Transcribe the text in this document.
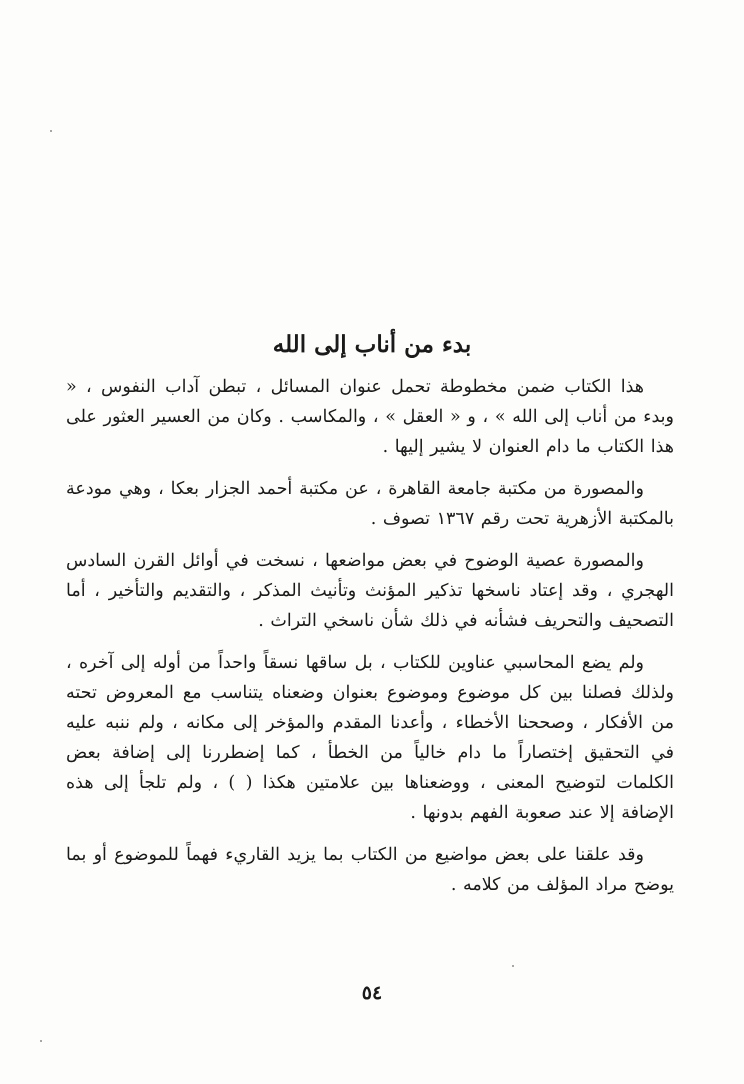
بدء من أناب إلى الله

هذا الكتاب ضمن مخطوطة تحمل عنوان المسائل ، تبطن آداب النفوس ، « وبدء من أناب إلى الله » ، و « العقل » ، والمكاسب . وكان من العسير العثور على هذا الكتاب ما دام العنوان لا يشير إليها .

والمصورة من مكتبة جامعة القاهرة ، عن مكتبة أحمد الجزار بعكا ، وهي مودعة بالمكتبة الأزهرية تحت رقم ١٣٦٧ تصوف .

والمصورة عصية الوضوح في بعض مواضعها ، نسخت في أوائل القرن السادس الهجري ، وقد إعتاد ناسخها تذكير المؤنث وتأنيث المذكر ، والتقديم والتأخير ، أما التصحيف والتحريف فشأنه في ذلك شأن ناسخي التراث .

ولم يضع المحاسبي عناوين للكتاب ، بل ساقها نسقاً واحداً من أوله إلى آخره ، ولذلك فصلنا بين كل موضوع وموضوع بعنوان وضعناه يتناسب مع المعروض تحته من الأفكار ، وصححنا الأخطاء ، وأعدنا المقدم والمؤخر إلى مكانه ، ولم ننبه عليه في التحقيق إختصاراً ما دام خالياً من الخطأ ، كما إضطررنا إلى إضافة بعض الكلمات لتوضيح المعنى ، ووضعناها بين علامتين هكذا ( ) ، ولم تلجأ إلى هذه الإضافة إلا عند صعوبة الفهم بدونها .

وقد علقنا على بعض مواضيع من الكتاب بما يزيد القاريء فهماً للموضوع أو بما يوضح مراد المؤلف من كلامه .

٥٤
